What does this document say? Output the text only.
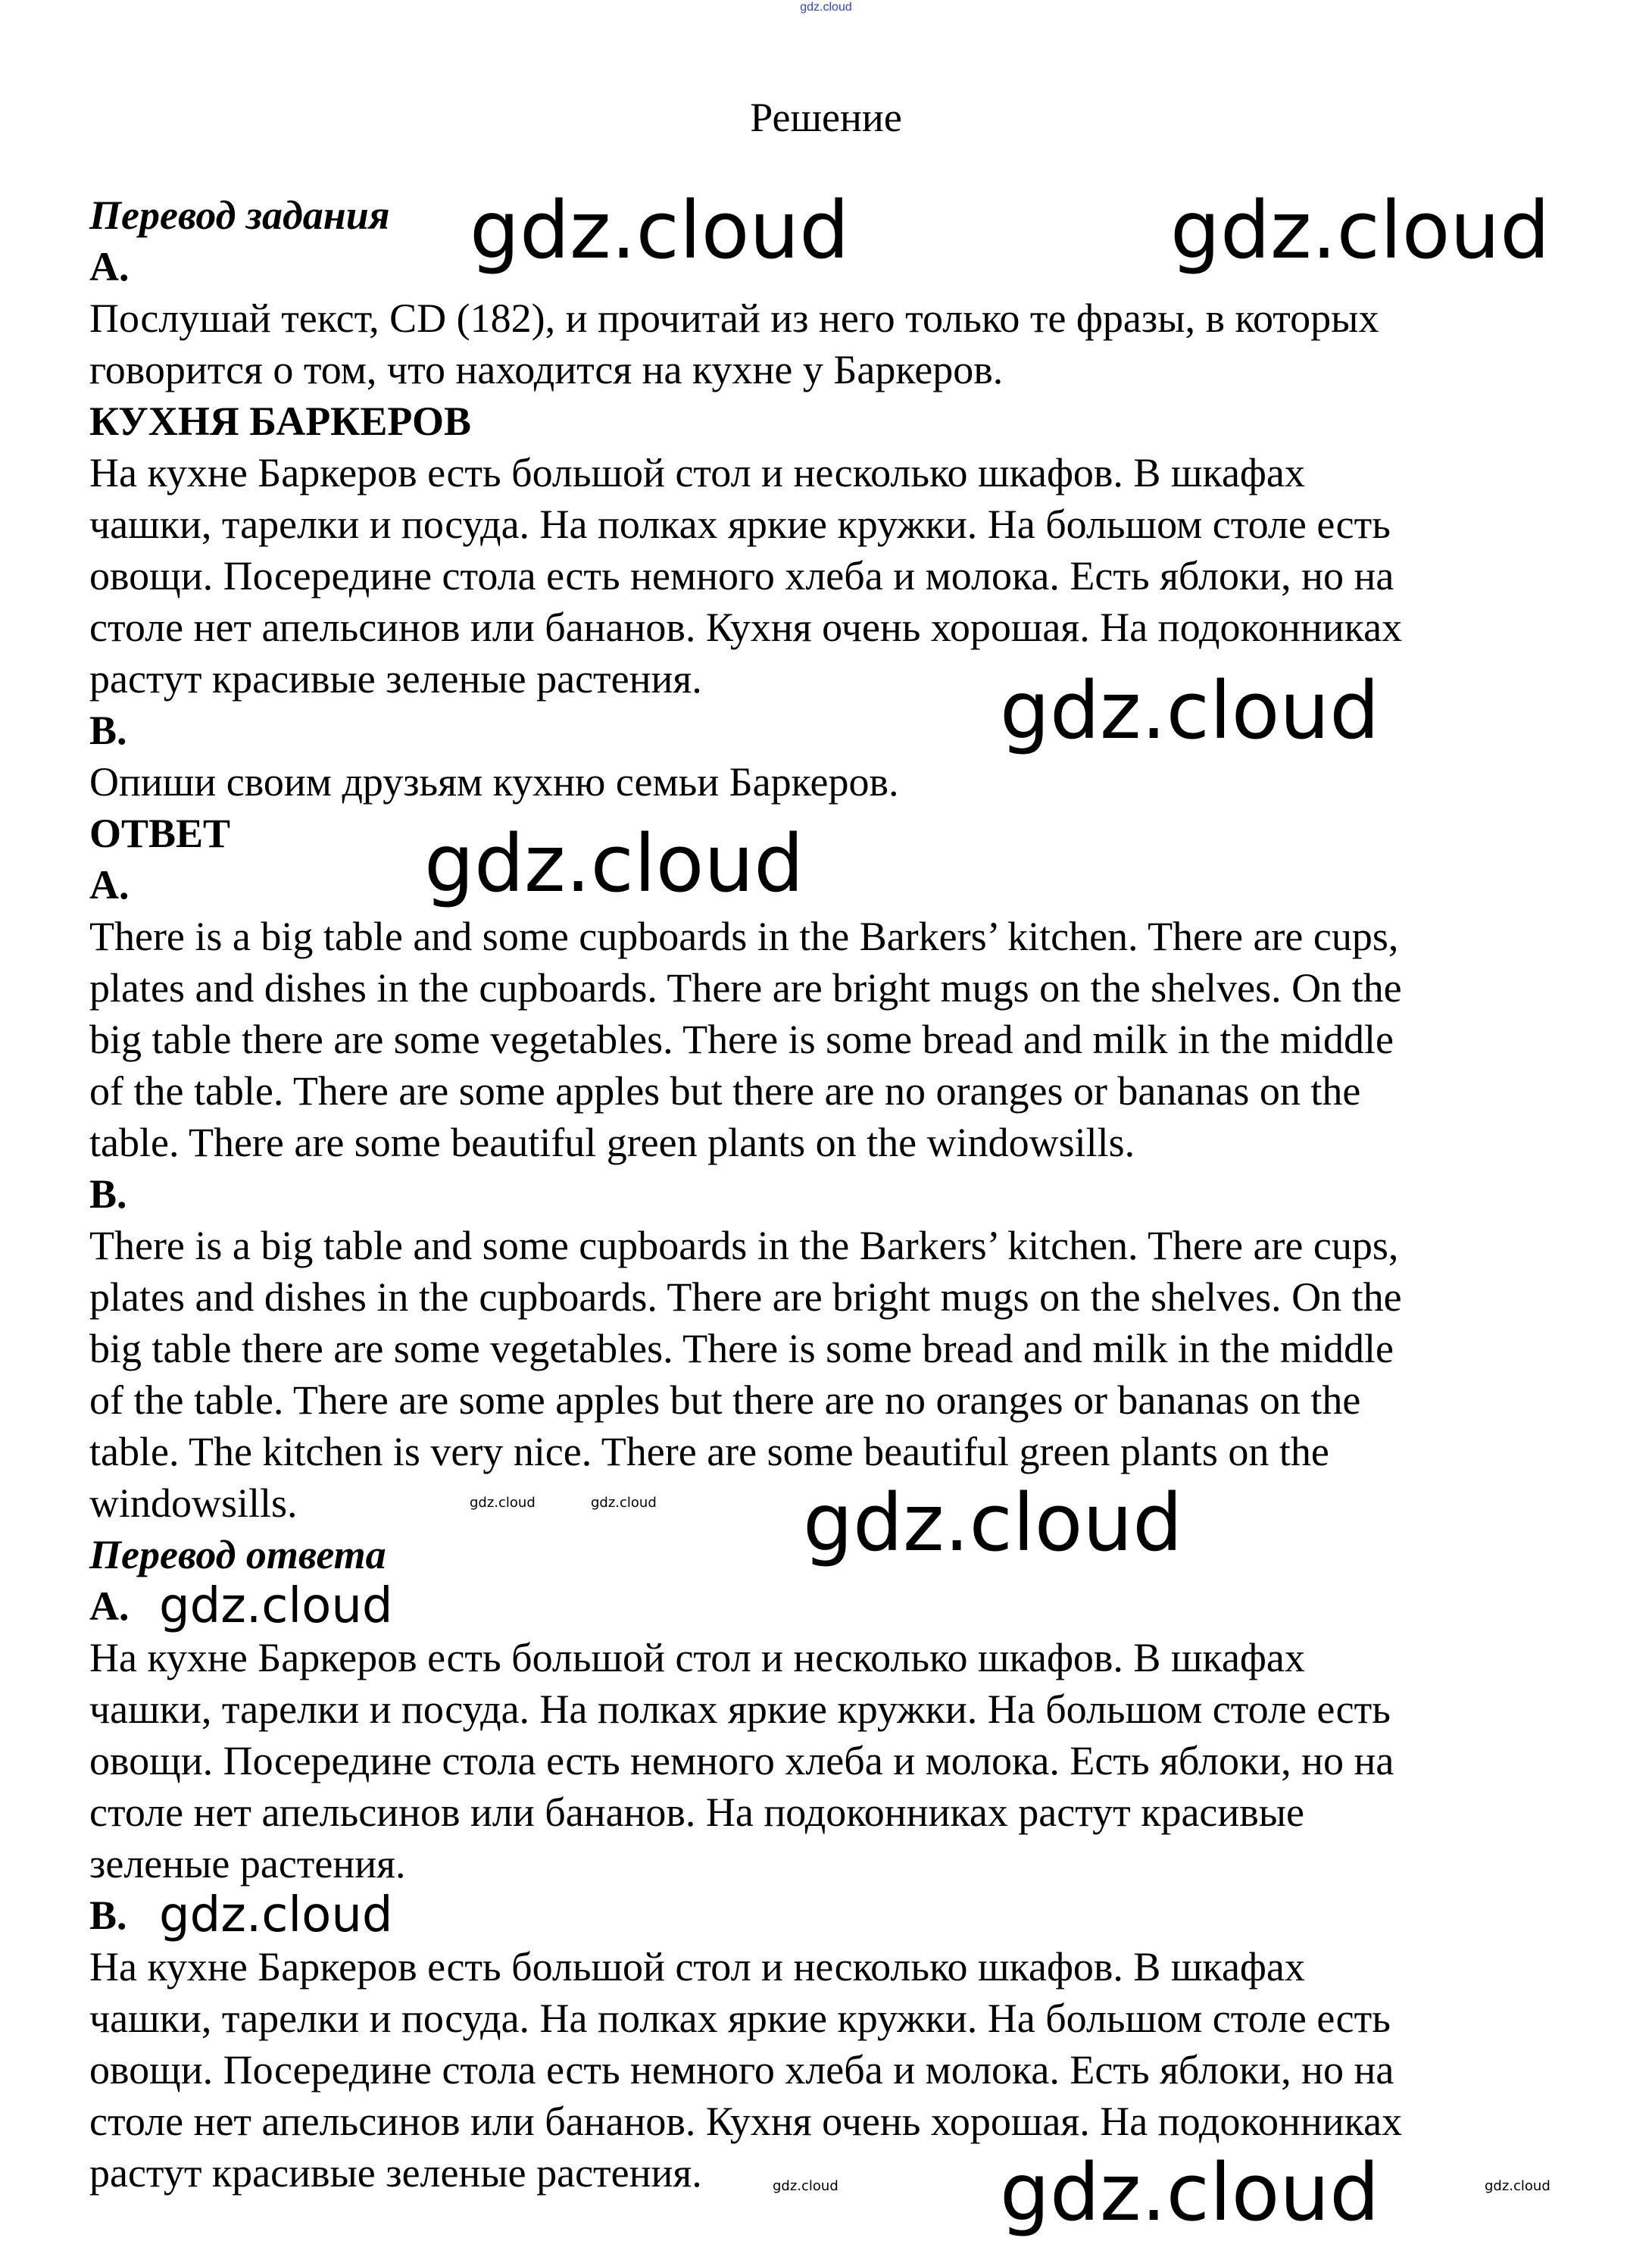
gdz.cloud
Решение
Перевод задания
A.
Послушай текст, CD (182), и прочитай из него только те фразы, в которых
говорится о том, что находится на кухне у Баркеров.
КУХНЯ БАРКЕРОВ
На кухне Баркеров есть большой стол и несколько шкафов. В шкафах
чашки, тарелки и посуда. На полках яркие кружки. На большом столе есть
овощи. Посередине стола есть немного хлеба и молока. Есть яблоки, но на
столе нет апельсинов или бананов. Кухня очень хорошая. На подоконниках
растут красивые зеленые растения.
B.
Опиши своим друзьям кухню семьи Баркеров.
ОТВЕТ
A.
There is a big table and some cupboards in the Barkers’ kitchen. There are cups,
plates and dishes in the cupboards. There are bright mugs on the shelves. On the
big table there are some vegetables. There is some bread and milk in the middle
of the table. There are some apples but there are no oranges or bananas on the
table. There are some beautiful green plants on the windowsills.
B.
There is a big table and some cupboards in the Barkers’ kitchen. There are cups,
plates and dishes in the cupboards. There are bright mugs on the shelves. On the
big table there are some vegetables. There is some bread and milk in the middle
of the table. There are some apples but there are no oranges or bananas on the
table. The kitchen is very nice. There are some beautiful green plants on the
windowsills.
Перевод ответа
A.
На кухне Баркеров есть большой стол и несколько шкафов. В шкафах
чашки, тарелки и посуда. На полках яркие кружки. На большом столе есть
овощи. Посередине стола есть немного хлеба и молока. Есть яблоки, но на
столе нет апельсинов или бананов. На подоконниках растут красивые
зеленые растения.
B.
На кухне Баркеров есть большой стол и несколько шкафов. В шкафах
чашки, тарелки и посуда. На полках яркие кружки. На большом столе есть
овощи. Посередине стола есть немного хлеба и молока. Есть яблоки, но на
столе нет апельсинов или бананов. Кухня очень хорошая. На подоконниках
растут красивые зеленые растения.
gdz.cloud	gdz.cloud
gdz.cloud
gdz.cloud
gdz.cloud
gdz.cloud
gdz.cloud
gdz.cloud
gdz.cloud	gdz.cloud
gdz.cloud	gdz.cloud
